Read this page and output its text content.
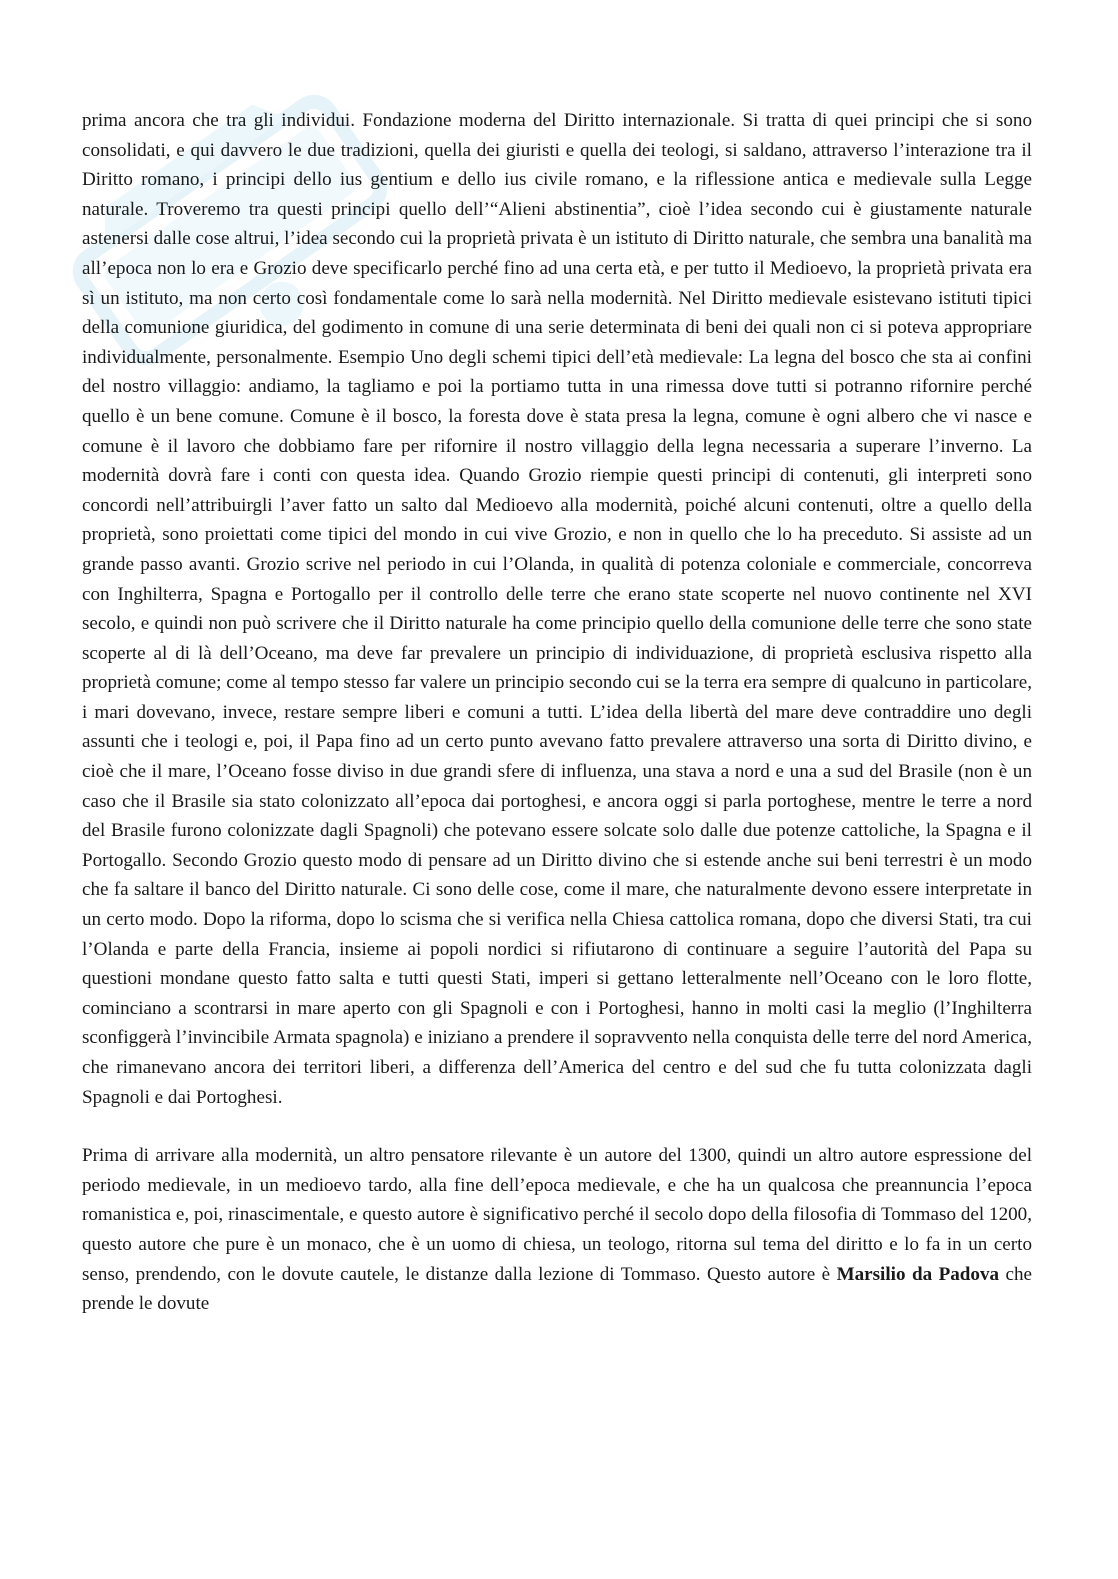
prima ancora che tra gli individui. Fondazione moderna del Diritto internazionale. Si tratta di quei principi che si sono consolidati, e qui davvero le due tradizioni, quella dei giuristi e quella dei teologi, si saldano, attraverso l’interazione tra il Diritto romano, i principi dello ius gentium e dello ius civile romano, e la riflessione antica e medievale sulla Legge naturale. Troveremo tra questi principi quello dell’“Alieni abstinentia”, cioè l’idea secondo cui è giustamente naturale astenersi dalle cose altrui, l’idea secondo cui la proprietà privata è un istituto di Diritto naturale, che sembra una banalità ma all’epoca non lo era e Grozio deve specificarlo perché fino ad una certa età, e per tutto il Medioevo, la proprietà privata era sì un istituto, ma non certo così fondamentale come lo sarà nella modernità. Nel Diritto medievale esistevano istituti tipici della comunione giuridica, del godimento in comune di una serie determinata di beni dei quali non ci si poteva appropriare individualmente, personalmente. Esempio Uno degli schemi tipici dell’età medievale: La legna del bosco che sta ai confini del nostro villaggio: andiamo, la tagliamo e poi la portiamo tutta in una rimessa dove tutti si potranno rifornire perché quello è un bene comune. Comune è il bosco, la foresta dove è stata presa la legna, comune è ogni albero che vi nasce e comune è il lavoro che dobbiamo fare per rifornire il nostro villaggio della legna necessaria a superare l’inverno. La modernità dovrà fare i conti con questa idea. Quando Grozio riempie questi principi di contenuti, gli interpreti sono concordi nell’attribuirgli l’aver fatto un salto dal Medioevo alla modernità, poiché alcuni contenuti, oltre a quello della proprietà, sono proiettati come tipici del mondo in cui vive Grozio, e non in quello che lo ha preceduto. Si assiste ad un grande passo avanti. Grozio scrive nel periodo in cui l’Olanda, in qualità di potenza coloniale e commerciale, concorreva con Inghilterra, Spagna e Portogallo per il controllo delle terre che erano state scoperte nel nuovo continente nel XVI secolo, e quindi non può scrivere che il Diritto naturale ha come principio quello della comunione delle terre che sono state scoperte al di là dell’Oceano, ma deve far prevalere un principio di individuazione, di proprietà esclusiva rispetto alla proprietà comune; come al tempo stesso far valere un principio secondo cui se la terra era sempre di qualcuno in particolare, i mari dovevano, invece, restare sempre liberi e comuni a tutti. L’idea della libertà del mare deve contraddire uno degli assunti che i teologi e, poi, il Papa fino ad un certo punto avevano fatto prevalere attraverso una sorta di Diritto divino, e cioè che il mare, l’Oceano fosse diviso in due grandi sfere di influenza, una stava a nord e una a sud del Brasile (non è un caso che il Brasile sia stato colonizzato all’epoca dai portoghesi, e ancora oggi si parla portoghese, mentre le terre a nord del Brasile furono colonizzate dagli Spagnoli) che potevano essere solcate solo dalle due potenze cattoliche, la Spagna e il Portogallo. Secondo Grozio questo modo di pensare ad un Diritto divino che si estende anche sui beni terrestri è un modo che fa saltare il banco del Diritto naturale. Ci sono delle cose, come il mare, che naturalmente devono essere interpretate in un certo modo. Dopo la riforma, dopo lo scisma che si verifica nella Chiesa cattolica romana, dopo che diversi Stati, tra cui l’Olanda e parte della Francia, insieme ai popoli nordici si rifiutarono di continuare a seguire l’autorità del Papa su questioni mondane questo fatto salta e tutti questi Stati, imperi si gettano letteralmente nell’Oceano con le loro flotte, cominciano a scontrarsi in mare aperto con gli Spagnoli e con i Portoghesi, hanno in molti casi la meglio (l’Inghilterra sconfiggerà l’invincibile Armata spagnola) e iniziano a prendere il sopravvento nella conquista delle terre del nord America, che rimanevano ancora dei territori liberi, a differenza dell’America del centro e del sud che fu tutta colonizzata dagli Spagnoli e dai Portoghesi.

Prima di arrivare alla modernità, un altro pensatore rilevante è un autore del 1300, quindi un altro autore espressione del periodo medievale, in un medioevo tardo, alla fine dell’epoca medievale, e che ha un qualcosa che preannuncia l’epoca romanistica e, poi, rinascimentale, e questo autore è significativo perché il secolo dopo della filosofia di Tommaso del 1200, questo autore che pure è un monaco, che è un uomo di chiesa, un teologo, ritorna sul tema del diritto e lo fa in un certo senso, prendendo, con le dovute cautele, le distanze dalla lezione di Tommaso. Questo autore è Marsilio da Padova che prende le dovute
